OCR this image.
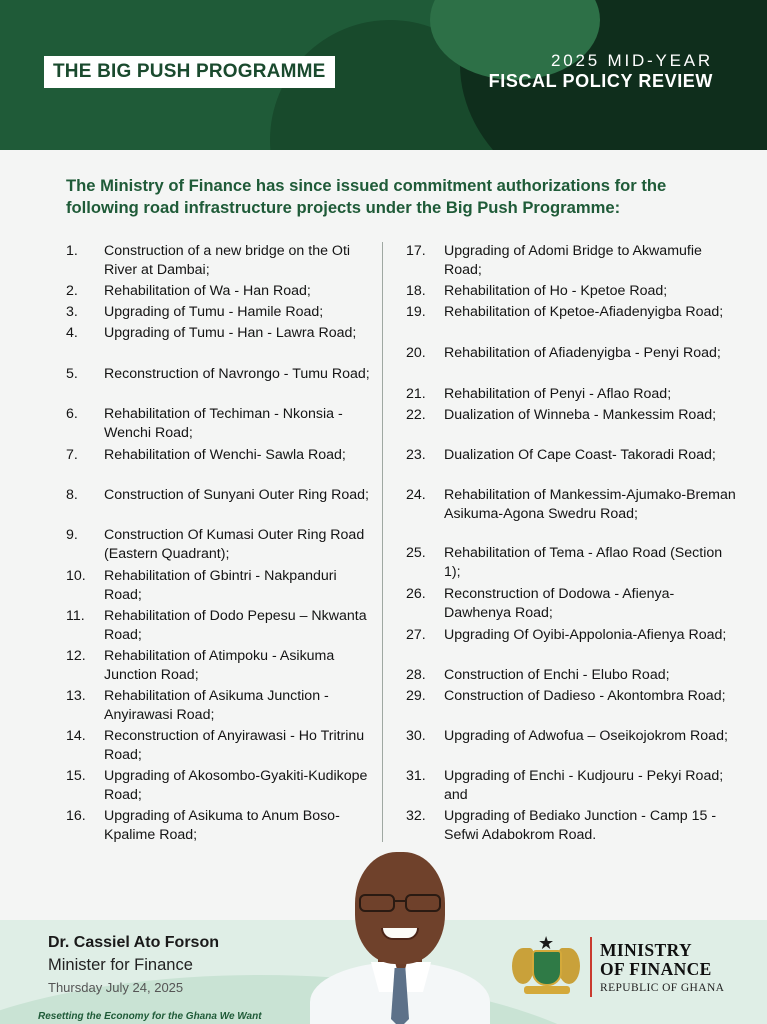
THE BIG PUSH PROGRAMME
2025 MID-YEAR
FISCAL POLICY REVIEW
The Ministry of Finance has since issued commitment authorizations for the following road infrastructure projects under the Big Push Programme:
1.	Construction of a new bridge on the Oti River at Dambai;
2.	Rehabilitation of Wa - Han Road;
3.	Upgrading of Tumu - Hamile Road;
4.	Upgrading of Tumu - Han - Lawra Road;
5.	Reconstruction of Navrongo - Tumu Road;
6.	Rehabilitation of Techiman - Nkonsia - Wenchi Road;
7.	Rehabilitation of Wenchi- Sawla Road;
8.	Construction of Sunyani Outer Ring Road;
9.	Construction Of Kumasi Outer Ring Road (Eastern Quadrant);
10.	Rehabilitation of Gbintri - Nakpanduri Road;
11.	Rehabilitation of Dodo Pepesu – Nkwanta Road;
12.	Rehabilitation of Atimpoku - Asikuma Junction Road;
13.	Rehabilitation of Asikuma Junction - Anyirawasi Road;
14.	Reconstruction of Anyirawasi - Ho Tritrinu Road;
15.	Upgrading of Akosombo-Gyakiti-Kudikope Road;
16.	Upgrading of Asikuma to Anum Boso-Kpalime Road;
17.	Upgrading of Adomi Bridge to Akwamufie Road;
18.	Rehabilitation of Ho - Kpetoe Road;
19.	Rehabilitation of Kpetoe-Afiadenyigba Road;
20.	Rehabilitation of Afiadenyigba - Penyi Road;
21.	Rehabilitation of Penyi - Aflao Road;
22.	Dualization of Winneba - Mankessim Road;
23.	Dualization Of Cape Coast- Takoradi Road;
24.	Rehabilitation of Mankessim-Ajumako-Breman Asikuma-Agona Swedru Road;
25.	Rehabilitation of Tema - Aflao Road (Section 1);
26.	Reconstruction of Dodowa - Afienya-Dawhenya Road;
27.	Upgrading Of Oyibi-Appolonia-Afienya Road;
28.	Construction of Enchi - Elubo Road;
29.	Construction of Dadieso - Akontombra Road;
30.	Upgrading of Adwofua – Oseikojokrom Road;
31.	Upgrading of Enchi - Kudjouru - Pekyi Road; and
32.	Upgrading of Bediako Junction - Camp 15 - Sefwi Adabokrom Road.
Dr. Cassiel Ato Forson
Minister for Finance
Thursday July 24, 2025
Resetting the Economy for the Ghana We Want
★	MINISTRY
OF FINANCE
REPUBLIC OF GHANA
